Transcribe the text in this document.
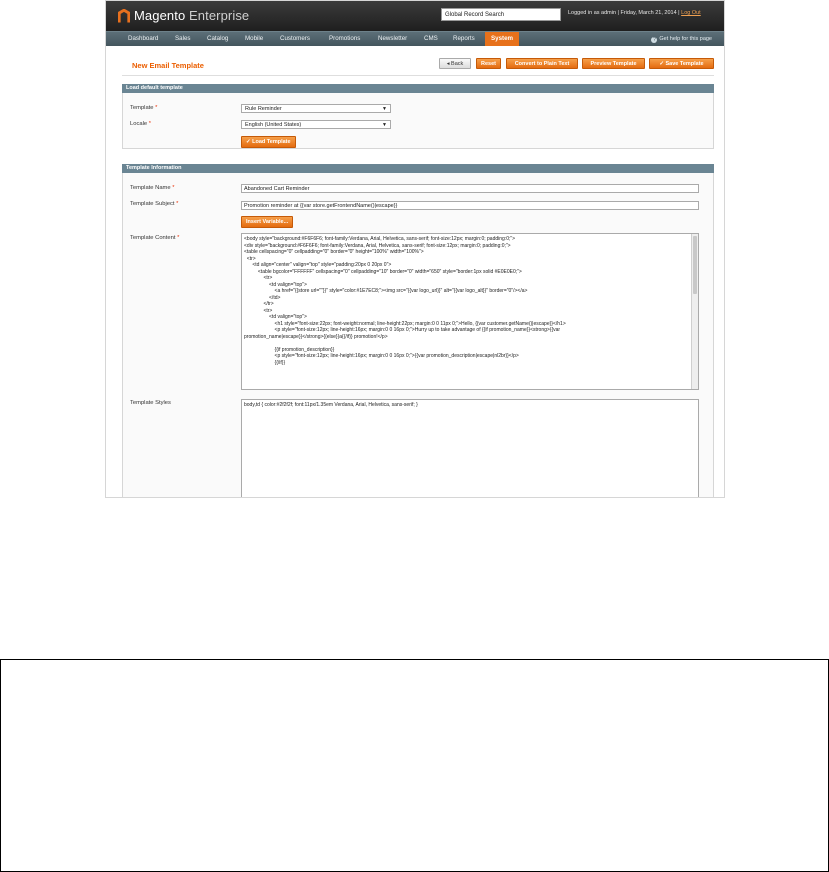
Magento Enterprise	Global Record Search	Logged in as admin | Friday, March 21, 2014 | Log Out
Dashboard	Sales	Catalog	Mobile	Customers	Promotions	Newsletter	CMS Reports	System	? Get help for this page
New Email Template	◂ Back	Reset	Convert to Plain Text	Preview Template	✓ Save Template
Load default template
Template *	Rule Reminder	▼
Locale *	English (United States)	▼
✓ Load Template
Template Information
Template Name *	Abandoned Cart Reminder
Template Subject *	Promotion reminder at {{var store.getFrontendName()|escape}}
Insert Variable...
Template Content *	<body style="background:#F6F6F6; font-family:Verdana, Arial, Helvetica, sans-serif; font-size:12px; margin:0; padding:0;">
<div style="background:#F6F6F6; font-family:Verdana, Arial, Helvetica, sans-serif; font-size:12px; margin:0; padding:0;">
<table cellspacing="0" cellpadding="0" border="0" height="100%" width="100%">
<tr>
<td align="center" valign="top" style="padding:20px 0 20px 0">
<table bgcolor="FFFFFF" cellspacing="0" cellpadding="10" border="0" width="650" style="border:1px solid #E0E0E0;">
<tr>
<td valign="top">
<a href="{{store url=""}}" style="color:#1E7EC8;"><img src="{{var logo_url}}" alt="{{var logo_alt}}" border="0"/></a>
</td>
</tr>
<tr>
<td valign="top">
<h1 style="font-size:22px; font-weight:normal; line-height:22px; margin:0 0 11px 0;">Hello, {{var customer.getName()|escape}}</h1>
<p style="font-size:12px; line-height:16px; margin:0 0 16px 0;">Hurry up to take advantage of {{if promotion_name}}<strong>{{var
promotion_name|escape}}</strong>{{else}}a{{/if}} promotion!</p>

{{if promotion_description}}
<p style="font-size:12px; line-height:16px; margin:0 0 16px 0;">{{var promotion_description|escape|nl2br}}</p>
{{/if}}
Template Styles	body,td { color:#2f2f2f; font:11px/1.35em Verdana, Arial, Helvetica, sans-serif; }
